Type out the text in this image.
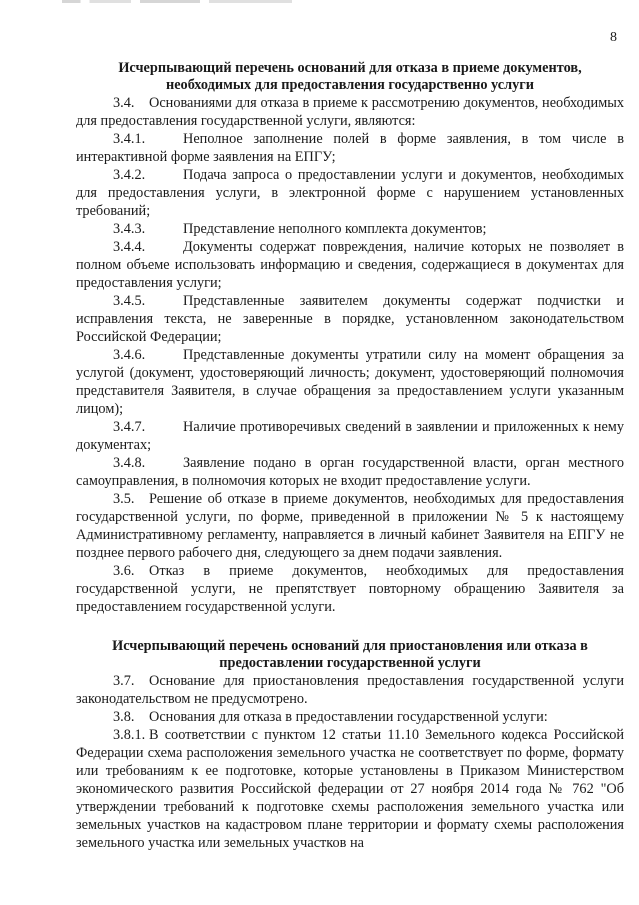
8

Исчерпывающий перечень оснований для отказа в приеме документов, необходимых для предоставления государственно услуги

3.4. Основаниями для отказа в приеме к рассмотрению документов, необходимых для предоставления государственной услуги, являются:

3.4.1.	Неполное заполнение полей в форме заявления, в том числе в интерактивной форме заявления на ЕПГУ;

3.4.2.	Подача запроса о предоставлении услуги и документов, необходимых для предоставления услуги, в электронной форме с нарушением установленных требований;

3.4.3.	Представление неполного комплекта документов;

3.4.4.	Документы содержат повреждения, наличие которых не позволяет в полном объеме использовать информацию и сведения, содержащиеся в документах для предоставления услуги;

3.4.5.	Представленные заявителем документы содержат подчистки и исправления текста, не заверенные в порядке, установленном законодательством Российской Федерации;

3.4.6.	Представленные документы утратили силу на момент обращения за услугой (документ, удостоверяющий личность; документ, удостоверяющий полномочия представителя Заявителя, в случае обращения за предоставлением услуги указанным лицом);

3.4.7.	Наличие противоречивых сведений в заявлении и приложенных к нему документах;

3.4.8.	Заявление подано в орган государственной власти, орган местного самоуправления, в полномочия которых не входит предоставление услуги.

3.5. Решение об отказе в приеме документов, необходимых для предоставления государственной услуги, по форме, приведенной в приложении № 5 к настоящему Административному регламенту, направляется в личный кабинет Заявителя на ЕПГУ не позднее первого рабочего дня, следующего за днем подачи заявления.

3.6. Отказ в приеме документов, необходимых для предоставления государственной услуги, не препятствует повторному обращению Заявителя за предоставлением государственной услуги.

Исчерпывающий перечень оснований для приостановления или отказа в предоставлении государственной услуги

3.7. Основание для приостановления предоставления государственной услуги законодательством не предусмотрено.

3.8. Основания для отказа в предоставлении государственной услуги:

3.8.1. В соответствии с пунктом 12 статьи 11.10 Земельного кодекса Российской Федерации схема расположения земельного участка не соответствует по форме, формату или требованиям к ее подготовке, которые установлены в Приказом Министерством экономического развития Российской федерации от 27 ноября 2014 года № 762 "Об утверждении требований к подготовке схемы расположения земельного участка или земельных участков на кадастровом плане территории и формату схемы расположения земельного участка или земельных участков на
